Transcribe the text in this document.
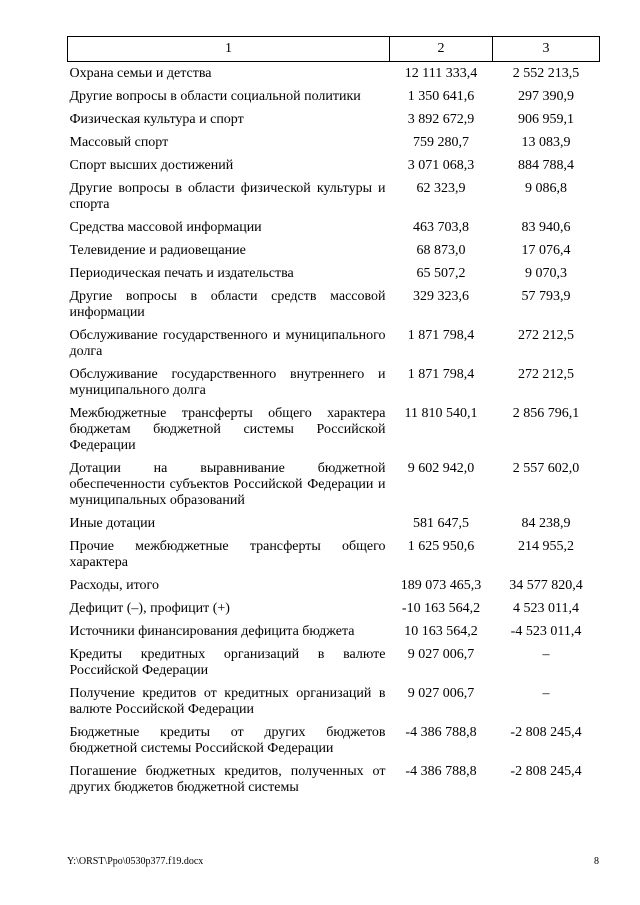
1	2	3
Охрана семьи и детства	12 111 333,4	2 552 213,5
Другие вопросы в области социальной политики	1 350 641,6	297 390,9
Физическая культура и спорт	3 892 672,9	906 959,1
Массовый спорт	759 280,7	13 083,9
Спорт высших достижений	3 071 068,3	884 788,4
Другие вопросы в области физической культуры и спорта	62 323,9	9 086,8
Средства массовой информации	463 703,8	83 940,6
Телевидение и радиовещание	68 873,0	17 076,4
Периодическая печать и издательства	65 507,2	9 070,3
Другие вопросы в области средств массовой информации	329 323,6	57 793,9
Обслуживание государственного и муниципального долга	1 871 798,4	272 212,5
Обслуживание государственного внутреннего и муниципального долга	1 871 798,4	272 212,5
Межбюджетные трансферты общего характера бюджетам бюджетной системы Российской Федерации	11 810 540,1	2 856 796,1
Дотации на выравнивание бюджетной обеспеченности субъектов Российской Федерации и муниципальных образований	9 602 942,0	2 557 602,0
Иные дотации	581 647,5	84 238,9
Прочие межбюджетные трансферты общего характера	1 625 950,6	214 955,2
Расходы, итого	189 073 465,3	34 577 820,4
Дефицит (–), профицит (+)	-10 163 564,2	4 523 011,4
Источники финансирования дефицита бюджета	10 163 564,2	-4 523 011,4
Кредиты кредитных организаций в валюте Российской Федерации	9 027 006,7	–
Получение кредитов от кредитных организаций в валюте Российской Федерации	9 027 006,7	–
Бюджетные кредиты от других бюджетов бюджетной системы Российской Федерации	-4 386 788,8	-2 808 245,4
Погашение бюджетных кредитов, полученных от других бюджетов бюджетной системы	-4 386 788,8	-2 808 245,4
Y:\ORST\Ppo\0530p377.f19.docx	8
